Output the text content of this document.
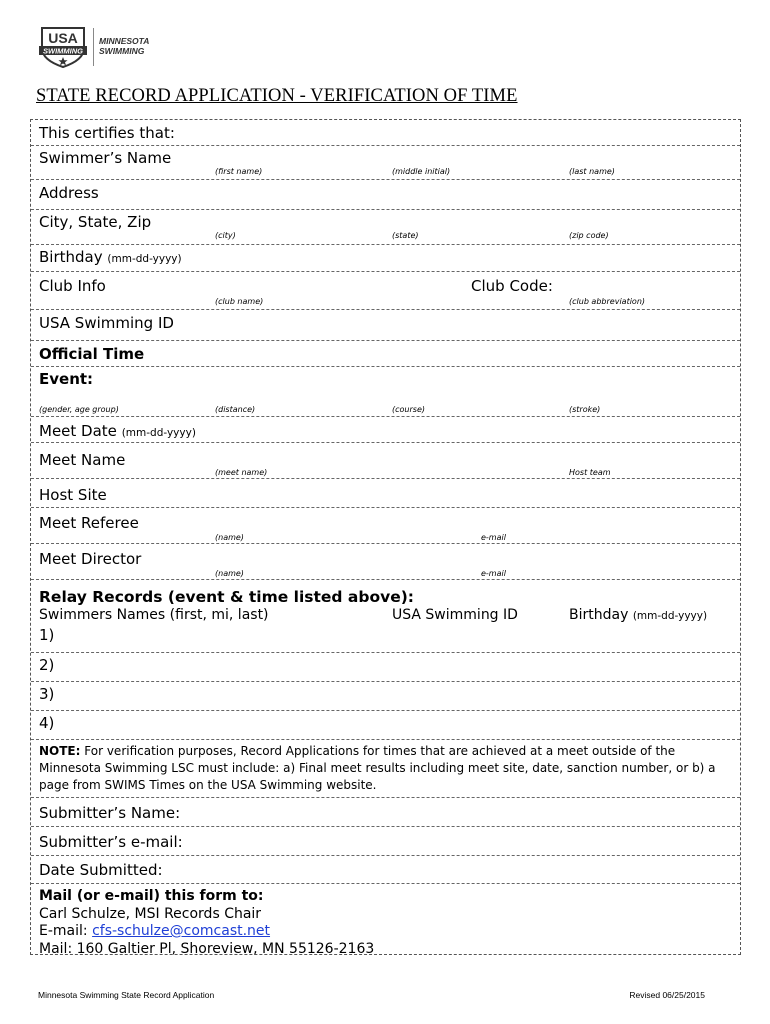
USA
SWIMMING
MINNESOTA
SWIMMING
STATE RECORD APPLICATION - VERIFICATION OF TIME
This certifies that:
Swimmer’s Name
(first name)	(middle initial)	(last name)
Address
City, State, Zip
(city)	(state)	(zip code)
Birthday (mm-dd-yyyy)
Club Info	Club Code:
(club name)	(club abbreviation)
USA Swimming ID
Official Time
Event:
(gender, age group)	(distance)	(course)	(stroke)
Meet Date (mm-dd-yyyy)
Meet Name
(meet name)	Host team
Host Site
Meet Referee
(name)	e-mail
Meet Director
(name)	e-mail
Relay Records (event & time listed above):
Swimmers Names (first, mi, last)	USA Swimming ID	Birthday (mm-dd-yyyy)
1)
2)
3)
4)
NOTE: For verification purposes, Record Applications for times that are achieved at a meet outside of the Minnesota Swimming LSC must include: a) Final meet results including meet site, date, sanction number, or b) a page from SWIMS Times on the USA Swimming website.
Submitter’s Name:
Submitter’s e-mail:
Date Submitted:
Mail (or e-mail) this form to:
Carl Schulze, MSI Records Chair
E-mail: cfs-schulze@comcast.net
Mail: 160 Galtier Pl, Shoreview, MN 55126-2163
Minnesota Swimming State Record Application	Revised 06/25/2015
